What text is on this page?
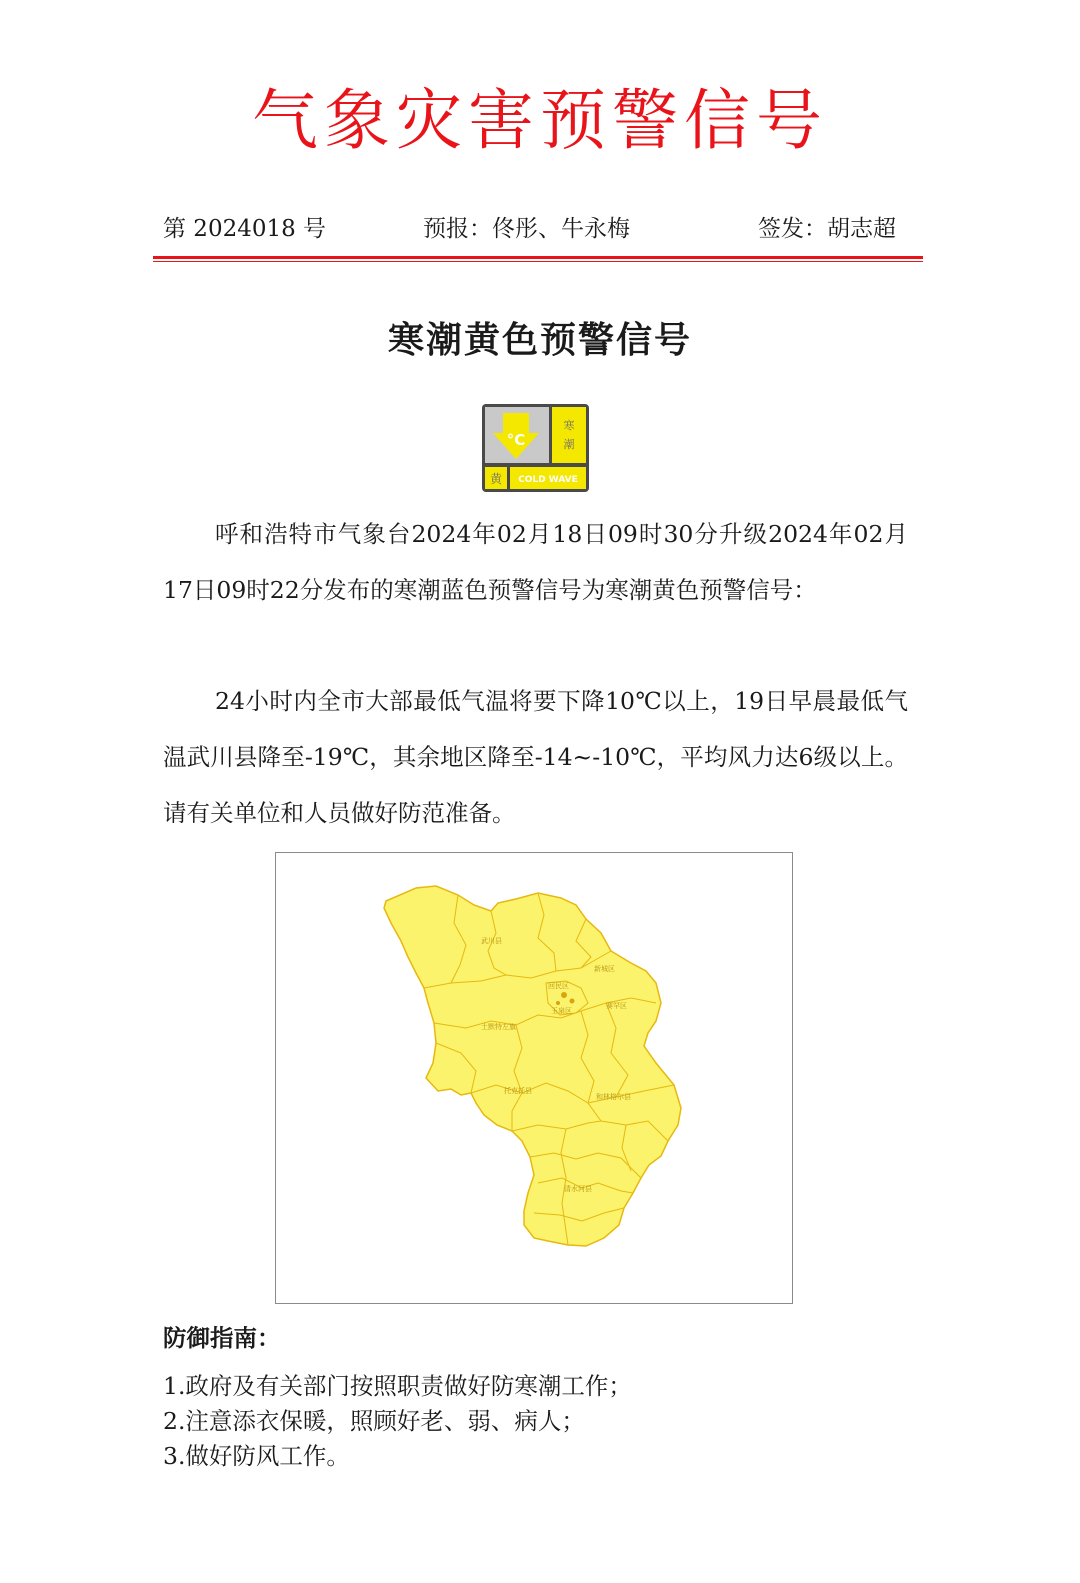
气象灾害预警信号
第 2024018 号	预报：佟彤、牛永梅	签发：胡志超
寒潮黄色预警信号
°C
寒
潮
黄 COLD WAVE

呼和浩特市气象台2024年02月18日09时30分升级2024年02月17日09时22分发布的寒潮蓝色预警信号为寒潮黄色预警信号：

24小时内全市大部最低气温将要下降10℃以上，19日早晨最低气温武川县降至-19℃，其余地区降至-14~-10℃，平均风力达6级以上。请有关单位和人员做好防范准备。

武川县
新城区
回民区
玉泉区
赛罕区
土默特左旗
托克托县
和林格尔县
清水河县
防御指南：
1.政府及有关部门按照职责做好防寒潮工作；
2.注意添衣保暖，照顾好老、弱、病人；
3.做好防风工作。
